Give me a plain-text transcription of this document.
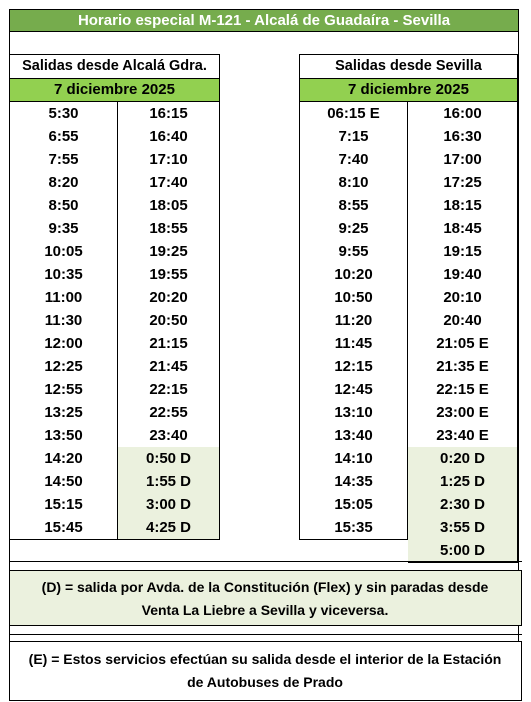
Horario especial M-121 - Alcalá de Guadaíra - Sevilla
Salidas desde Alcalá Gdra.
7 diciembre 2025
5:30
6:55
7:55
8:20
8:50
9:35
10:05
10:35
11:00
11:30
12:00
12:25
12:55
13:25
13:50
14:20
14:50
15:15
15:45
16:15
16:40
17:10
17:40
18:05
18:55
19:25
19:55
20:20
20:50
21:15
21:45
22:15
22:55
23:40
0:50 D
1:55 D
3:00 D
4:25 D
Salidas desde Sevilla
7 diciembre 2025
06:15 E
7:15
7:40
8:10
8:55
9:25
9:55
10:20
10:50
11:20
11:45
12:15
12:45
13:10
13:40
14:10
14:35
15:05
15:35
16:00
16:30
17:00
17:25
18:15
18:45
19:15
19:40
20:10
20:40
21:05 E
21:35 E
22:15 E
23:00 E
23:40 E
0:20 D
1:25 D
2:30 D
3:55 D
5:00 D
(D) = salida por Avda. de la Constitución (Flex) y sin paradas desde
Venta La Liebre a Sevilla y viceversa.
(E) = Estos servicios efectúan su salida desde el interior de la Estación
de Autobuses de Prado
